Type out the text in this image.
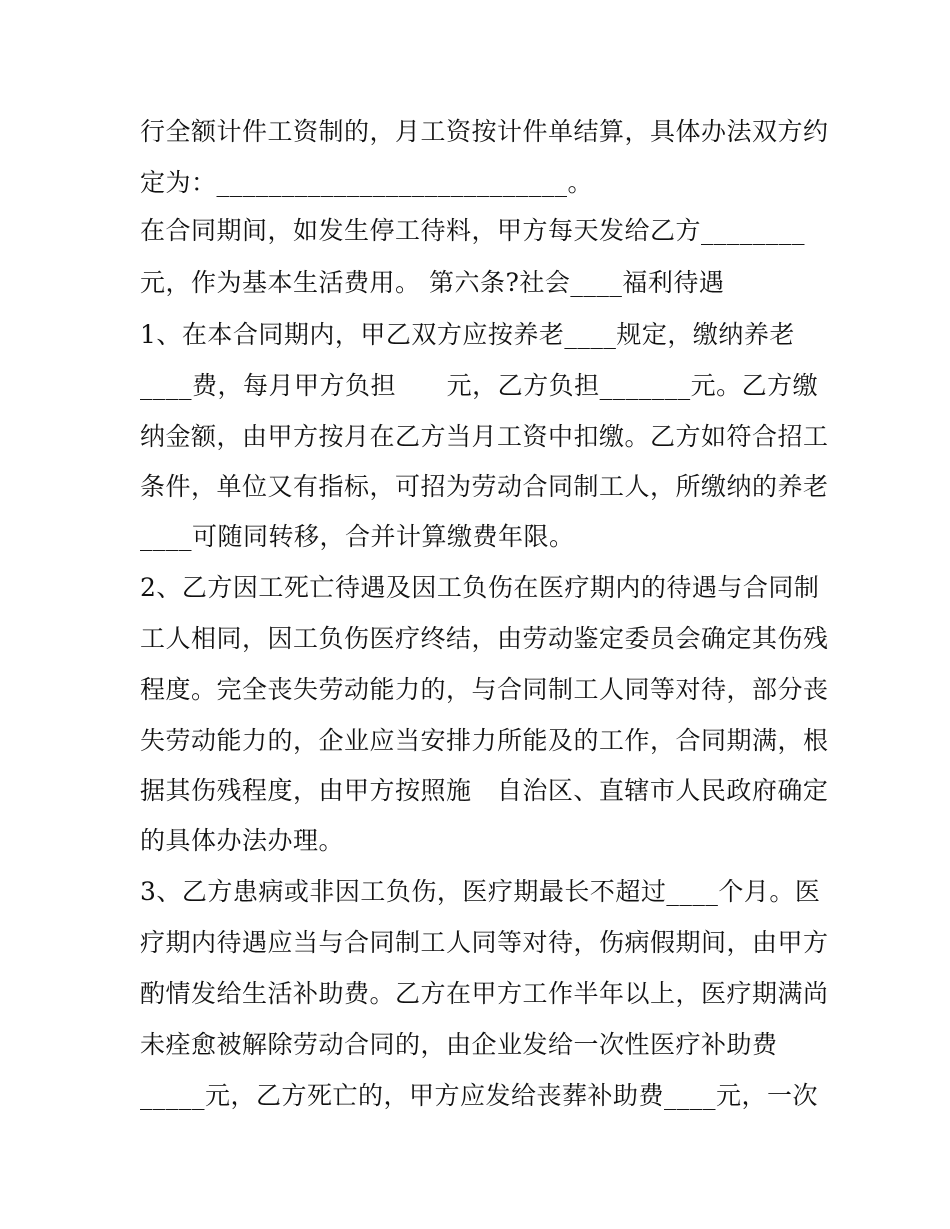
行全额计件工资制的，月工资按计件单结算，具体办法双方约
定为：___________________________。
在合同期间，如发生停工待料，甲方每天发给乙方________
元，作为基本生活费用。 第六条?社会____福利待遇
1、在本合同期内，甲乙双方应按养老____规定，缴纳养老
____费，每月甲方负担      元，乙方负担_______元。乙方缴
纳金额，由甲方按月在乙方当月工资中扣缴。乙方如符合招工
条件，单位又有指标，可招为劳动合同制工人，所缴纳的养老
____可随同转移，合并计算缴费年限。
2、乙方因工死亡待遇及因工负伤在医疗期内的待遇与合同制
工人相同，因工负伤医疗终结，由劳动鉴定委员会确定其伤残
程度。完全丧失劳动能力的，与合同制工人同等对待，部分丧
失劳动能力的，企业应当安排力所能及的工作，合同期满，根
据其伤残程度，由甲方按照施   自治区、直辖市人民政府确定
的具体办法办理。
3、乙方患病或非因工负伤，医疗期最长不超过____个月。医
疗期内待遇应当与合同制工人同等对待，伤病假期间，由甲方
酌情发给生活补助费。乙方在甲方工作半年以上，医疗期满尚
未痊愈被解除劳动合同的，由企业发给一次性医疗补助费
_____元，乙方死亡的，甲方应发给丧葬补助费____元，一次
